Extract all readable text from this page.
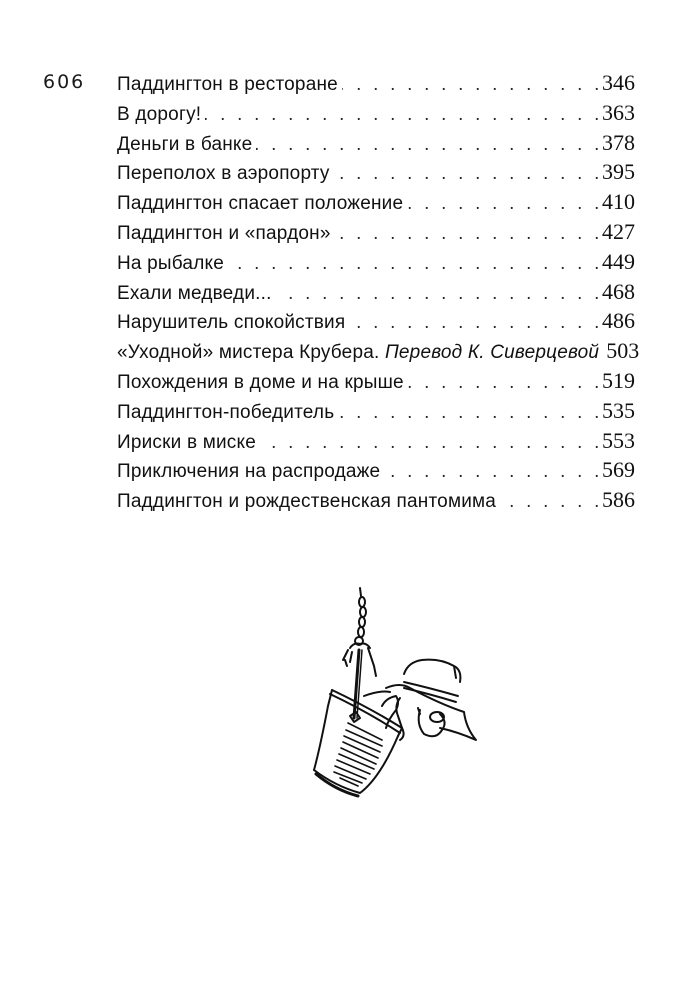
606 Паддингтон в ресторане . . .	346
В дорогу! . . .	363
Деньги в банке . . .	378
Переполох в аэропорту . . .	395
Паддингтон спасает положение . . .	410
Паддингтон и «пардон» . . .	427
На рыбалке . . .	449
Ехали медведи... . . .	468
Нарушитель спокойствия . . .	486
«Уходной» мистера Крубера. Перевод К. Сиверцевой 503
Похождения в доме и на крыше . . .	519
Паддингтон-победитель . . .	535
Ириски в миске . . .	553
Приключения на распродаже . . .	569
Паддингтон и рождественская пантомима . . .	586
